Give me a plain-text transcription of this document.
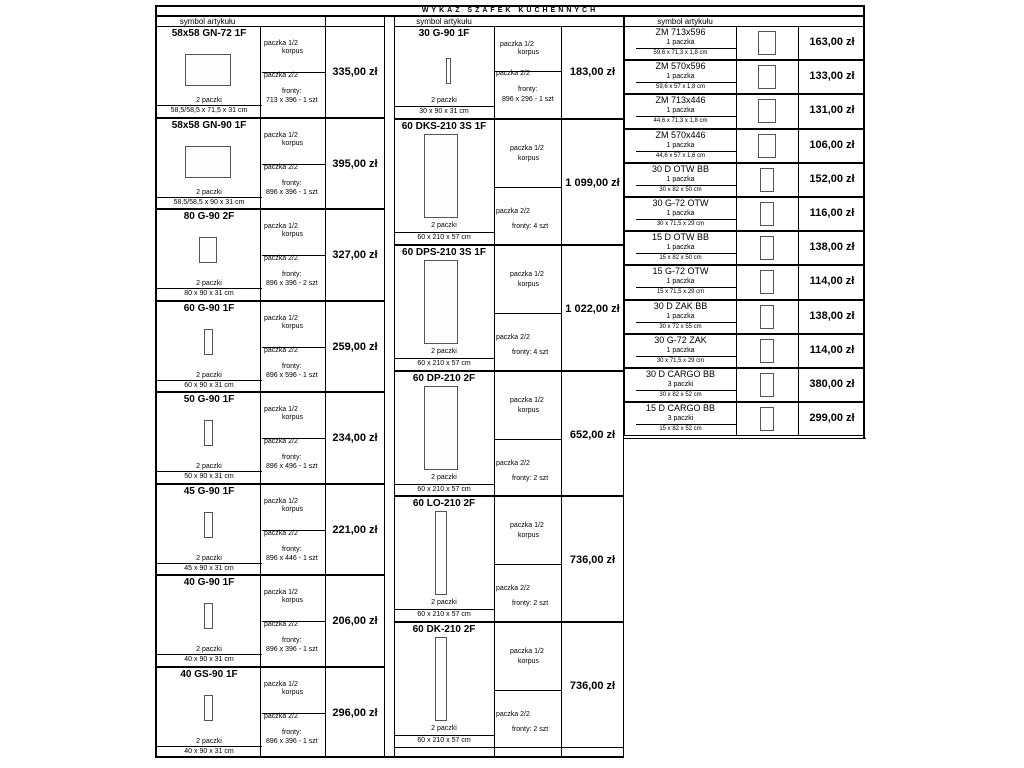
WYKAZ SZAFEK KUCHENNYCH
symbol artykułu
58x58 GN-72 1F
paczka 1/2
korpus
paczka 2/2
fronty:
713 x 396 - 1 szt
335,00 zł
2 paczki
58,5/58,5 x 71,5 x 31 cm
58x58 GN-90 1F
paczka 1/2
korpus
paczka 2/2
fronty:
896 x 396 - 1 szt
395,00 zł
2 paczki
58,5/58,5 x 90 x 31 cm
80 G-90 2F
paczka 1/2
korpus
paczka 2/2
fronty:
896 x 396 - 2 szt
327,00 zł
2 paczki
80 x 90 x 31 cm
60 G-90 1F
paczka 1/2
korpus
paczka 2/2
fronty:
896 x 596 - 1 szt
259,00 zł
2 paczki
60 x 90 x 31 cm
50 G-90 1F
paczka 1/2
korpus
paczka 2/2
fronty:
896 x 496 - 1 szt
234,00 zł
2 paczki
50 x 90 x 31 cm
45 G-90 1F
paczka 1/2
korpus
paczka 2/2
fronty:
896 x 446 - 1 szt
221,00 zł
2 paczki
45 x 90 x 31 cm
40 G-90 1F
paczka 1/2
korpus
paczka 2/2
fronty:
896 x 396 - 1 szt
206,00 zł
2 paczki
40 x 90 x 31 cm
40 GS-90 1F
paczka 1/2
korpus
paczka 2/2
fronty:
896 x 396 - 1 szt
296,00 zł
2 paczki
40 x 90 x 31 cm
symbol artykułu
30 G-90 1F
paczka 1/2
korpus
paczka 2/2
fronty:
896 x 296 - 1 szt
183,00 zł
2 paczki
30 x 90 x 31 cm
60 DKS-210 3S 1F
paczka 1/2
korpus
paczka 2/2
fronty: 4 szt
1 099,00 zł
2 paczki
60 x 210 x 57 cm
60 DPS-210 3S 1F
paczka 1/2
korpus
paczka 2/2
fronty: 4 szt
1 022,00 zł
2 paczki
60 x 210 x 57 cm
60 DP-210 2F
paczka 1/2
korpus
paczka 2/2
fronty: 2 szt
652,00 zł
2 paczki
60 x 210 x 57 cm
60 LO-210 2F
paczka 1/2
korpus
paczka 2/2
fronty: 2 szt
736,00 zł
2 paczki
60 x 210 x 57 cm
60 DK-210 2F
paczka 1/2
korpus
paczka 2/2
fronty: 2 szt
736,00 zł
2 paczki
60 x 210 x 57 cm
symbol artykułu
ZM 713x596
1 paczka
59,6 x 71,3 x 1,8 cm
163,00 zł
ZM 570x596
1 paczka
59,6 x 57 x 1,8 cm
133,00 zł
ZM 713x446
1 paczka
44,6 x 71,3 x 1,8 cm
131,00 zł
ZM 570x446
1 paczka
44,6 x 57 x 1,6 cm
106,00 zł
30 D OTW BB
1 paczka
30 x 82 x 50 cm
152,00 zł
30 G-72 OTW
1 paczka
30 x 71,5 x 29 cm
116,00 zł
15 D OTW BB
1 paczka
15 x 82 x 50 cm
138,00 zł
15 G-72 OTW
1 paczka
15 x 71,5 x 29 cm
114,00 zł
30 D ZAK BB
1 paczka
30 x 72 x 55 cm
138,00 zł
30 G-72 ZAK
1 paczka
30 x 71,5 x 29 cm
114,00 zł
30 D CARGO BB
3 paczki
30 x 82 x 52 cm
380,00 zł
15 D CARGO BB
3 paczki
15 x 82 x 52 cm
299,00 zł
